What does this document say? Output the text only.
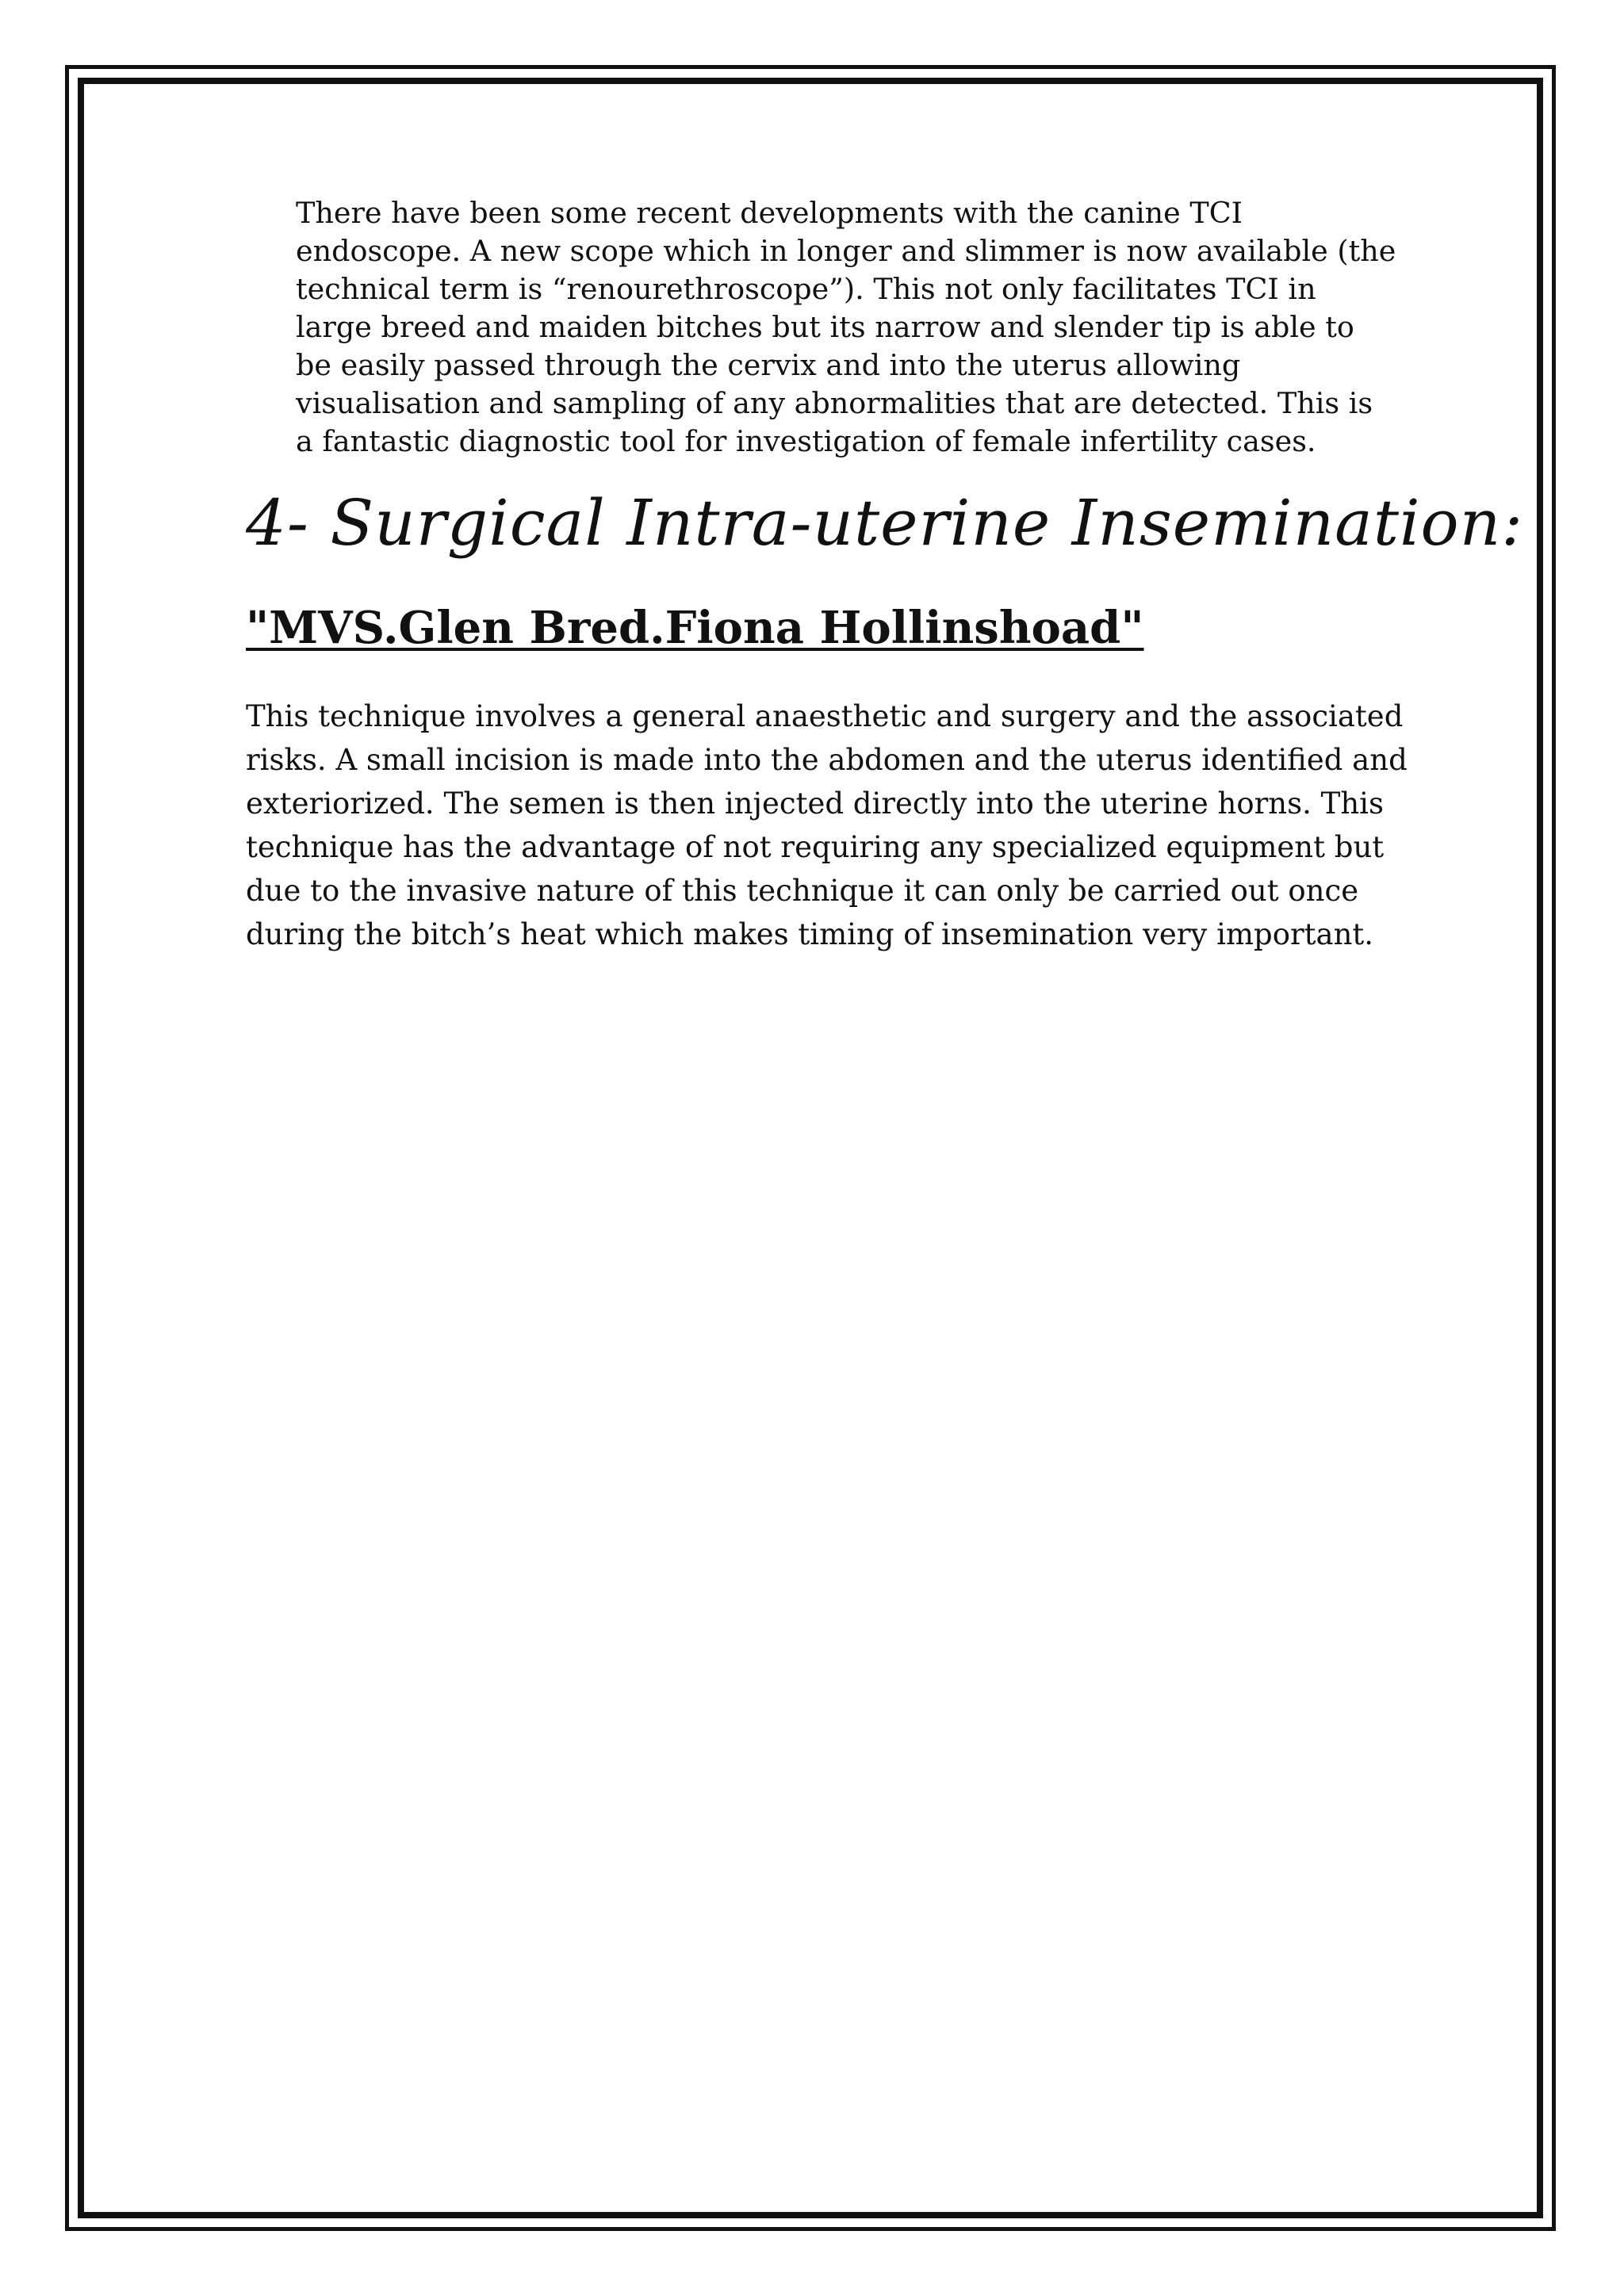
There have been some recent developments with the canine TCI endoscope. A new scope which in longer and slimmer is now available (the technical term is “renourethroscope”). This not only facilitates TCI in large breed and maiden bitches but its narrow and slender tip is able to be easily passed through the cervix and into the uterus allowing visualisation and sampling of any abnormalities that are detected. This is a fantastic diagnostic tool for investigation of female infertility cases.

4- Surgical Intra-uterine Insemination:
"MVS.Glen Bred.Fiona Hollinshoad"

This technique involves a general anaesthetic and surgery and the associated risks. A small incision is made into the abdomen and the uterus identified and exteriorized. The semen is then injected directly into the uterine horns. This technique has the advantage of not requiring any specialized equipment but due to the invasive nature of this technique it can only be carried out once during the bitch’s heat which makes timing of insemination very important.
